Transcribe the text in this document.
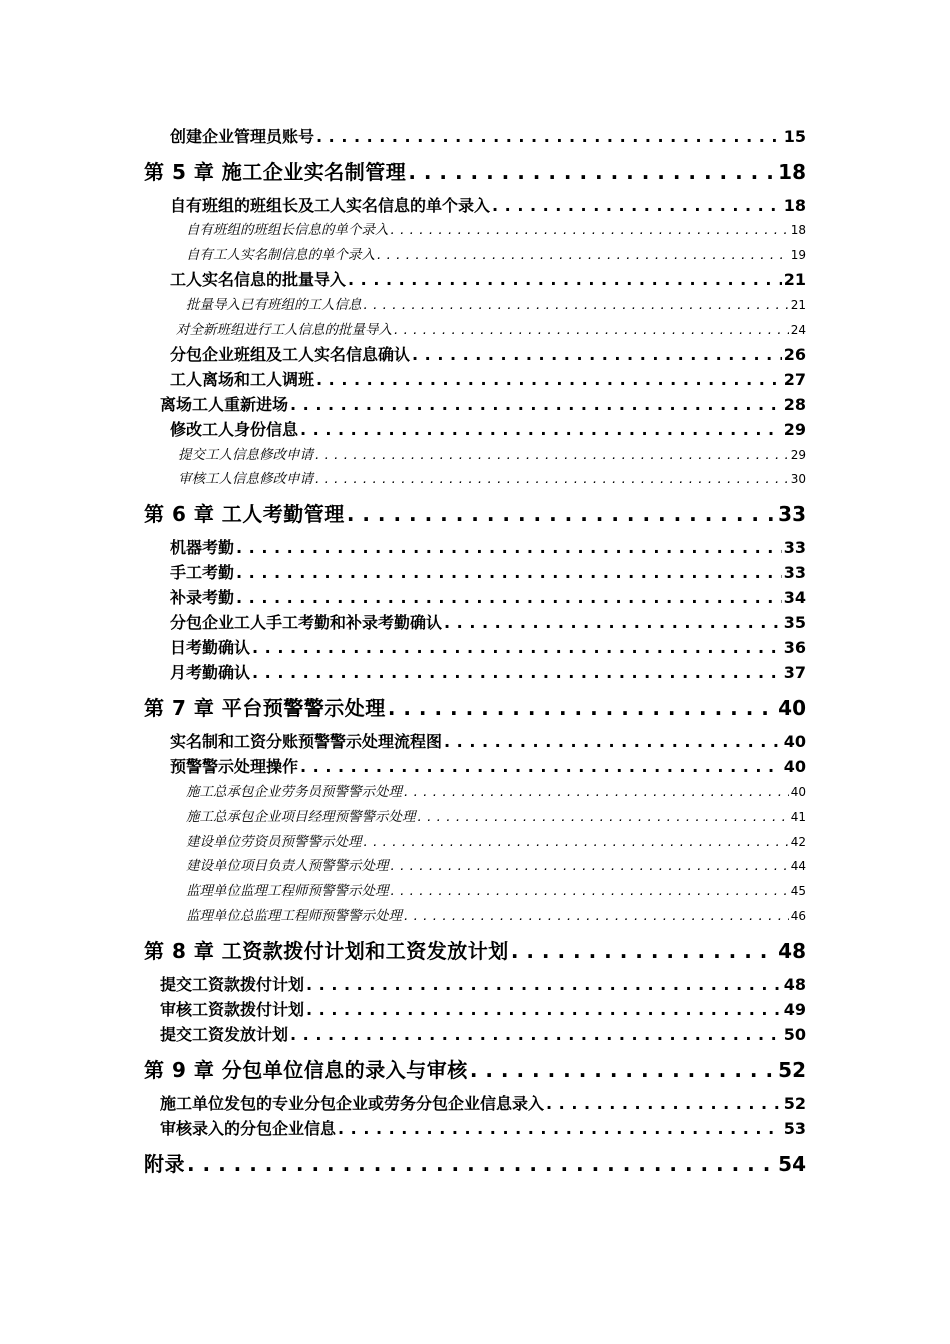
创建企业管理员账号 . . .	15
第 5 章 施工企业实名制管理 . . .	18
自有班组的班组长及工人实名信息的单个录入 . . .	18
自有班组的班组长信息的单个录入 . . .	18
自有工人实名制信息的单个录入 . . .	19
工人实名信息的批量导入 . . .	21
批量导入已有班组的工人信息 . . .	21
对全新班组进行工人信息的批量导入 . . .	24
分包企业班组及工人实名信息确认 . . .	26
工人离场和工人调班 . . .	27
离场工人重新进场 . . .	28
修改工人身份信息 . . .	29
提交工人信息修改申请 . . .	29
审核工人信息修改申请 . . .	30
第 6 章 工人考勤管理 . . .	33
机器考勤 . . .	33
手工考勤 . . .	33
补录考勤 . . .	34
分包企业工人手工考勤和补录考勤确认 . . .	35
日考勤确认 . . .	36
月考勤确认 . . .	37
第 7 章 平台预警警示处理 . . .	40
实名制和工资分账预警警示处理流程图 . . .	40
预警警示处理操作 . . .	40
施工总承包企业劳务员预警警示处理 . . .	40
施工总承包企业项目经理预警警示处理 . . .	41
建设单位劳资员预警警示处理 . . .	42
建设单位项目负责人预警警示处理 . . .	44
监理单位监理工程师预警警示处理 . . .	45
监理单位总监理工程师预警警示处理 . . .	46
第 8 章 工资款拨付计划和工资发放计划 . . .	48
提交工资款拨付计划 . . .	48
审核工资款拨付计划 . . .	49
提交工资发放计划 . . .	50
第 9 章 分包单位信息的录入与审核 . . .	52
施工单位发包的专业分包企业或劳务分包企业信息录入 . . .	52
审核录入的分包企业信息 . . .	53
附录 . . .	54
